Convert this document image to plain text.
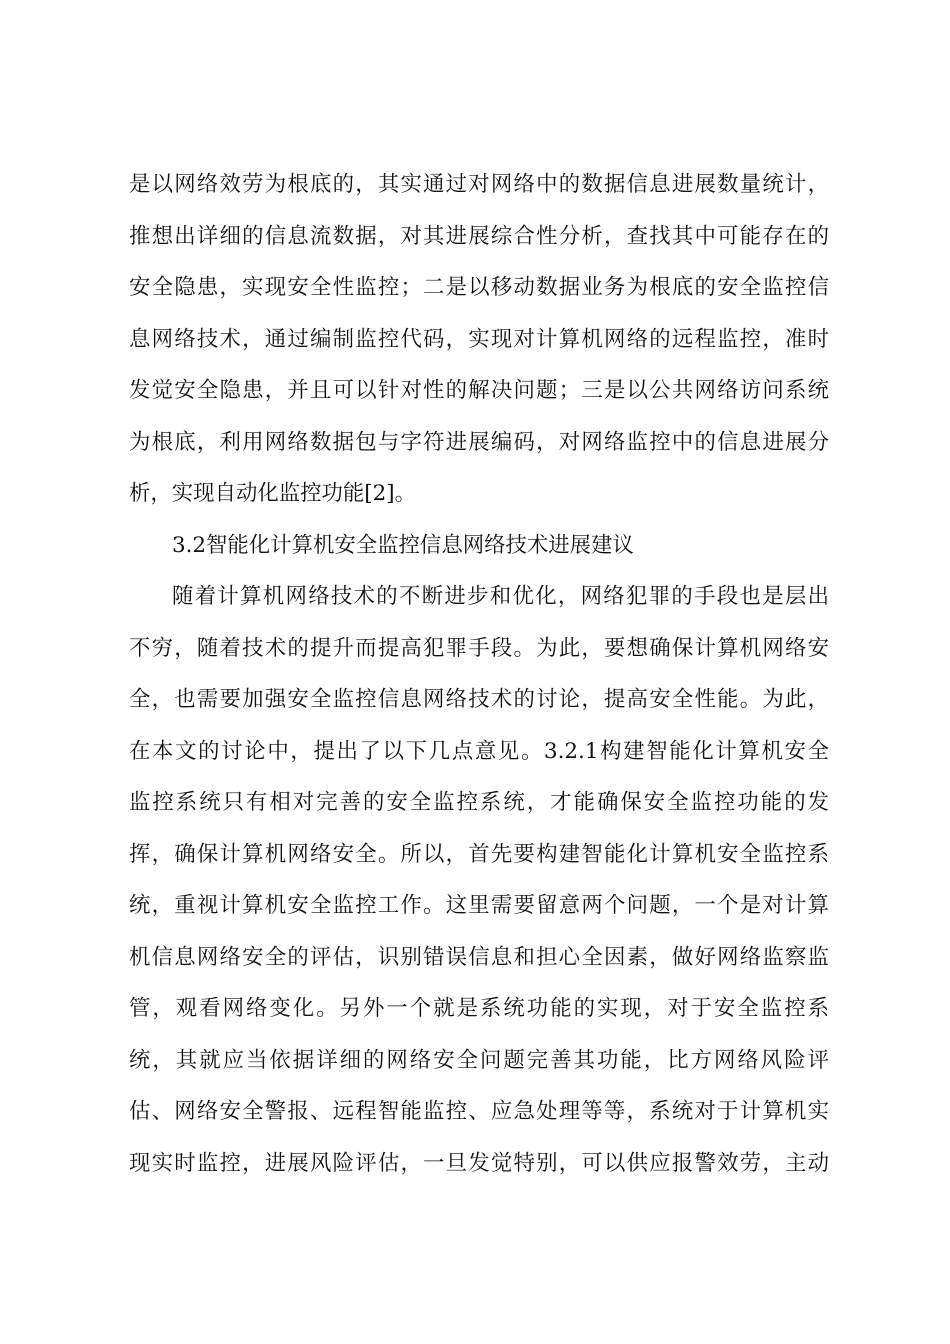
是以网络效劳为根底的，其实通过对网络中的数据信息进展数量统计，
推想出详细的信息流数据，对其进展综合性分析，查找其中可能存在的
安全隐患，实现安全性监控；二是以移动数据业务为根底的安全监控信
息网络技术，通过编制监控代码，实现对计算机网络的远程监控，准时
发觉安全隐患，并且可以针对性的解决问题；三是以公共网络访问系统
为根底，利用网络数据包与字符进展编码，对网络监控中的信息进展分
析，实现自动化监控功能[2]。
3.2智能化计算机安全监控信息网络技术进展建议
随着计算机网络技术的不断进步和优化，网络犯罪的手段也是层出
不穷，随着技术的提升而提高犯罪手段。为此，要想确保计算机网络安
全，也需要加强安全监控信息网络技术的讨论，提高安全性能。为此，
在本文的讨论中，提出了以下几点意见。3.2.1构建智能化计算机安全
监控系统只有相对完善的安全监控系统，才能确保安全监控功能的发
挥，确保计算机网络安全。所以，首先要构建智能化计算机安全监控系
统，重视计算机安全监控工作。这里需要留意两个问题，一个是对计算
机信息网络安全的评估，识别错误信息和担心全因素，做好网络监察监
管，观看网络变化。另外一个就是系统功能的实现，对于安全监控系
统，其就应当依据详细的网络安全问题完善其功能，比方网络风险评
估、网络安全警报、远程智能监控、应急处理等等，系统对于计算机实
现实时监控，进展风险评估，一旦发觉特别，可以供应报警效劳，主动
